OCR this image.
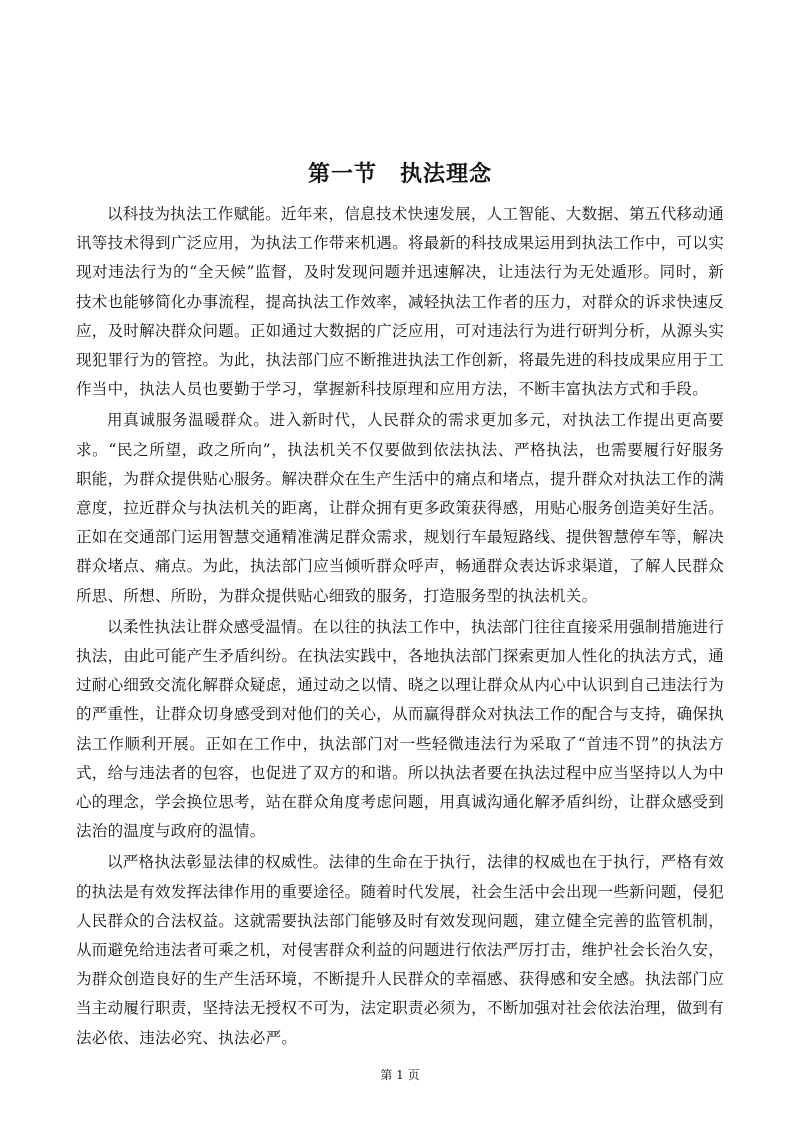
第一节　执法理念

以科技为执法工作赋能。近年来，信息技术快速发展，人工智能、大数据、第五代移动通讯等技术得到广泛应用，为执法工作带来机遇。将最新的科技成果运用到执法工作中，可以实现对违法行为的“全天候”监督，及时发现问题并迅速解决，让违法行为无处遁形。同时，新技术也能够简化办事流程，提高执法工作效率，减轻执法工作者的压力，对群众的诉求快速反应，及时解决群众问题。正如通过大数据的广泛应用，可对违法行为进行研判分析，从源头实现犯罪行为的管控。为此，执法部门应不断推进执法工作创新，将最先进的科技成果应用于工作当中，执法人员也要勤于学习，掌握新科技原理和应用方法，不断丰富执法方式和手段。

用真诚服务温暖群众。进入新时代，人民群众的需求更加多元，对执法工作提出更高要求。“民之所望，政之所向”，执法机关不仅要做到依法执法、严格执法，也需要履行好服务职能，为群众提供贴心服务。解决群众在生产生活中的痛点和堵点，提升群众对执法工作的满意度，拉近群众与执法机关的距离，让群众拥有更多政策获得感，用贴心服务创造美好生活。正如在交通部门运用智慧交通精准满足群众需求，规划行车最短路线、提供智慧停车等，解决群众堵点、痛点。为此，执法部门应当倾听群众呼声，畅通群众表达诉求渠道，了解人民群众所思、所想、所盼，为群众提供贴心细致的服务，打造服务型的执法机关。

以柔性执法让群众感受温情。在以往的执法工作中，执法部门往往直接采用强制措施进行执法，由此可能产生矛盾纠纷。在执法实践中，各地执法部门探索更加人性化的执法方式，通过耐心细致交流化解群众疑虑，通过动之以情、晓之以理让群众从内心中认识到自己违法行为的严重性，让群众切身感受到对他们的关心，从而赢得群众对执法工作的配合与支持，确保执法工作顺利开展。正如在工作中，执法部门对一些轻微违法行为采取了“首违不罚”的执法方式，给与违法者的包容，也促进了双方的和谐。所以执法者要在执法过程中应当坚持以人为中心的理念，学会换位思考，站在群众角度考虑问题，用真诚沟通化解矛盾纠纷，让群众感受到法治的温度与政府的温情。

以严格执法彰显法律的权威性。法律的生命在于执行，法律的权威也在于执行，严格有效的执法是有效发挥法律作用的重要途径。随着时代发展，社会生活中会出现一些新问题，侵犯人民群众的合法权益。这就需要执法部门能够及时有效发现问题，建立健全完善的监管机制，从而避免给违法者可乘之机，对侵害群众利益的问题进行依法严厉打击，维护社会长治久安，为群众创造良好的生产生活环境，不断提升人民群众的幸福感、获得感和安全感。执法部门应当主动履行职责，坚持法无授权不可为，法定职责必须为，不断加强对社会依法治理，做到有法必依、违法必究、执法必严。

第 1 页
